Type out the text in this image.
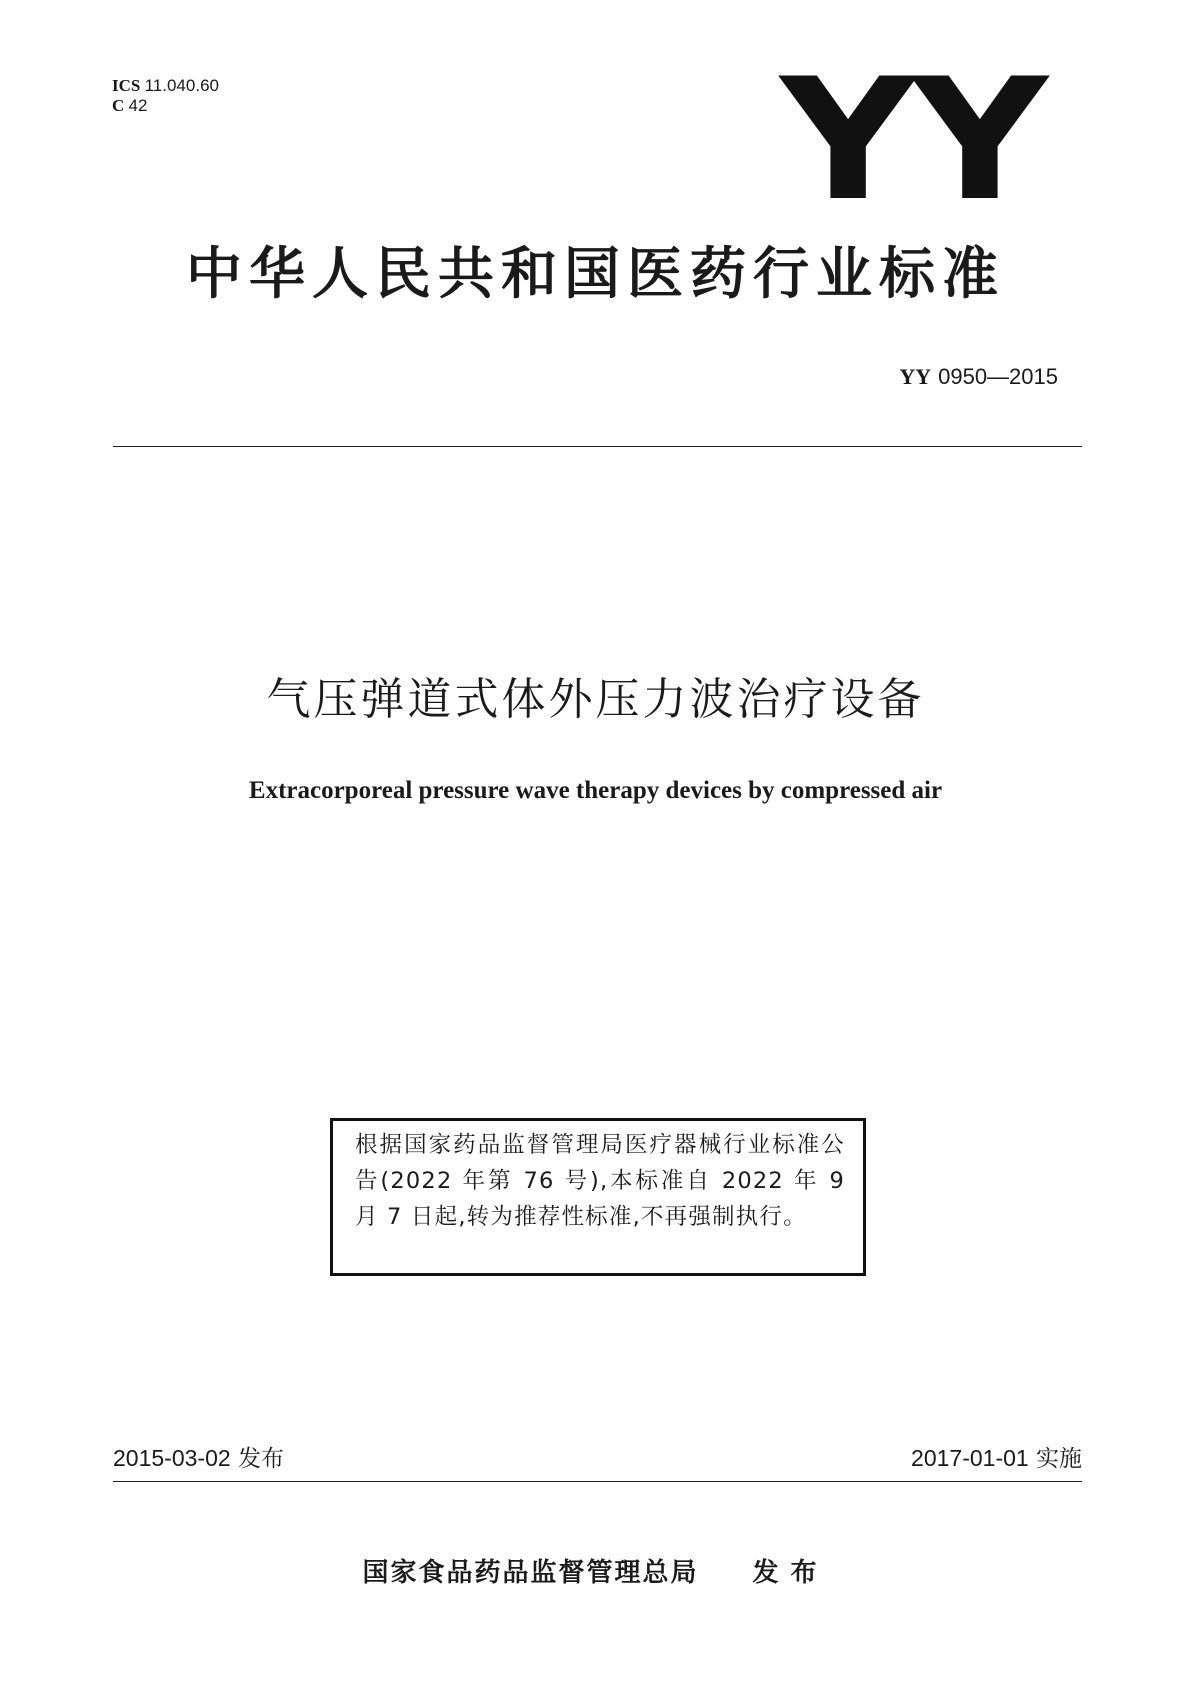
ICS 11.040.60
C 42	YY
中华人民共和国医药行业标准
YY 0950—2015
气压弹道式体外压力波治疗设备
Extracorporeal pressure wave therapy devices by compressed air
根据国家药品监督管理局医疗器械行业标准公告(2022 年第 76 号),本标准自 2022 年 9 月 7 日起,转为推荐性标准,不再强制执行。
2015-03-02 发布	2017-01-01 实施
国家食品药品监督管理总局 发布
